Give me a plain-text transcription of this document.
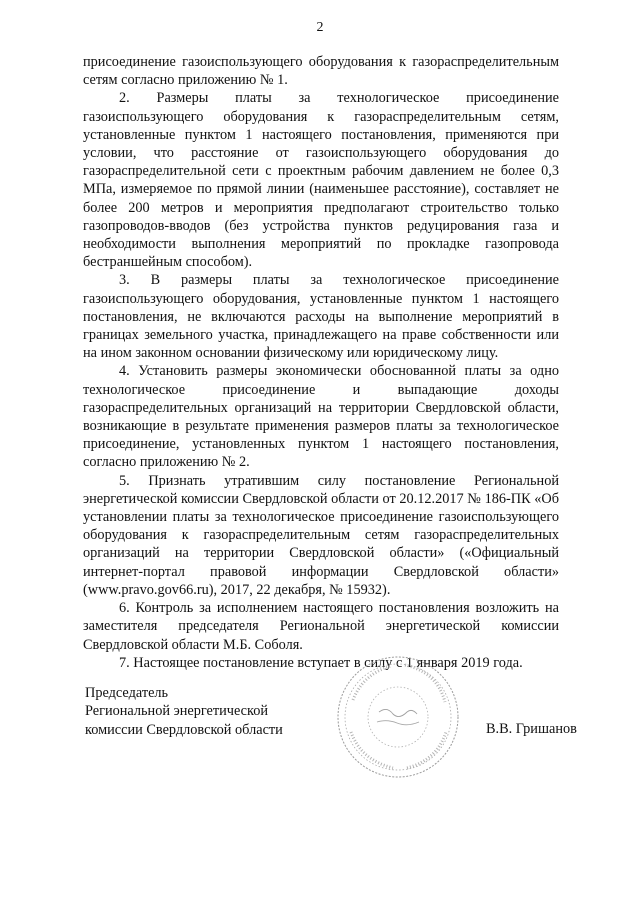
2

присоединение газоиспользующего оборудования к газораспределительным сетям согласно приложению № 1.

2. Размеры платы за технологическое присоединение газоиспользующего оборудования к газораспределительным сетям, установленные пунктом 1 настоящего постановления, применяются при условии, что расстояние от газоиспользующего оборудования до газораспределительной сети с проектным рабочим давлением не более 0,3 МПа, измеряемое по прямой линии (наименьшее расстояние), составляет не более 200 метров и мероприятия предполагают строительство только газопроводов-вводов (без устройства пунктов редуцирования газа и необходимости выполнения мероприятий по прокладке газопровода бестраншейным способом).

3. В размеры платы за технологическое присоединение газоиспользующего оборудования, установленные пунктом 1 настоящего постановления, не включаются расходы на выполнение мероприятий в границах земельного участка, принадлежащего на праве собственности или на ином законном основании физическому или юридическому лицу.

4. Установить размеры экономически обоснованной платы за одно технологическое присоединение и выпадающие доходы газораспределительных организаций на территории Свердловской области, возникающие в результате применения размеров платы за технологическое присоединение, установленных пунктом 1 настоящего постановления, согласно приложению № 2.

5. Признать утратившим силу постановление Региональной энергетической комиссии Свердловской области от 20.12.2017 № 186-ПК «Об установлении платы за технологическое присоединение газоиспользующего оборудования к газораспределительным сетям газораспределительных организаций на территории Свердловской области» («Официальный интернет-портал правовой информации Свердловской области» (www.pravo.gov66.ru), 2017, 22 декабря, № 15932).

6. Контроль за исполнением настоящего постановления возложить на заместителя председателя Региональной энергетической комиссии Свердловской области М.Б. Соболя.

7. Настоящее постановление вступает в силу с 1 января 2019 года.

Председатель
Региональной энергетической
комиссии Свердловской области	В.В. Гришанов
